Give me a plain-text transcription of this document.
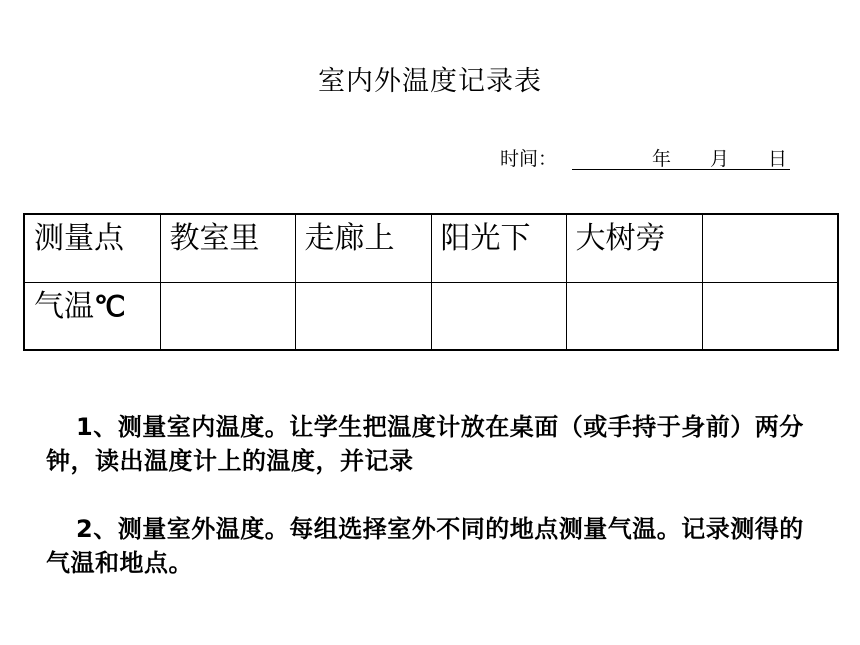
室内外温度记录表
时间：	年 月 日
测量点	教室里	走廊上	阳光下	大树旁	
气温℃					
1、测量室内温度。让学生把温度计放在桌面（或手持于身前）两分钟，读出温度计上的温度，并记录
2、测量室外温度。每组选择室外不同的地点测量气温。记录测得的气温和地点。
